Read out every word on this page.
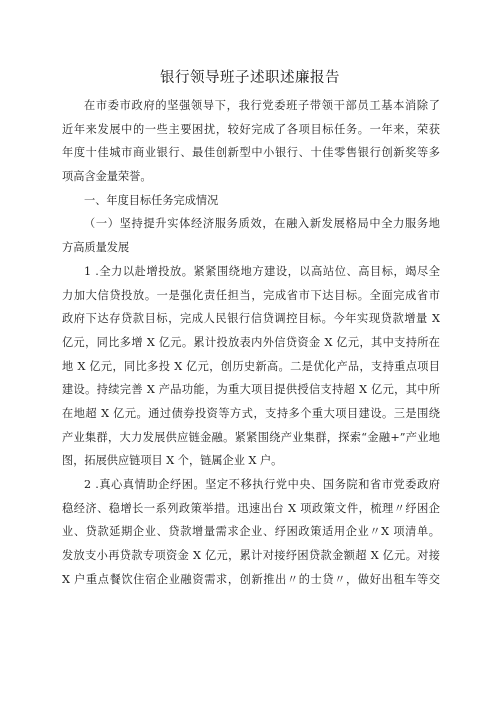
银行领导班子述职述廉报告
在市委市政府的坚强领导下，我行党委班子带领干部员工基本消除了
近年来发展中的一些主要困扰，较好完成了各项目标任务。一年来，荣获
年度十佳城市商业银行、最佳创新型中小银行、十佳零售银行创新奖等多
项高含金量荣誉。
一、年度目标任务完成情况
（一）坚持提升实体经济服务质效，在融入新发展格局中全力服务地
方高质量发展
1 .全力以赴增投放。紧紧围绕地方建设，以高站位、高目标，竭尽全
力加大信贷投放。一是强化责任担当，完成省市下达目标。全面完成省市
政府下达存贷款目标，完成人民银行信贷调控目标。今年实现贷款增量 X
亿元，同比多增 X 亿元。累计投放表内外信贷资金 X 亿元，其中支持所在
地 X 亿元，同比多投 X 亿元，创历史新高。二是优化产品，支持重点项目
建设。持续完善 X 产品功能，为重大项目提供授信支持超 X 亿元，其中所
在地超 X 亿元。通过债券投资等方式，支持多个重大项目建设。三是围绕
产业集群，大力发展供应链金融。紧紧围绕产业集群，探索“金融+”产业地
图，拓展供应链项目 X 个，链属企业 X 户。
2 .真心真情助企纾困。坚定不移执行党中央、国务院和省市党委政府
稳经济、稳增长一系列政策举措。迅速出台 X 项政策文件，梳理〃纾困企
业、贷款延期企业、贷款增量需求企业、纾困政策适用企业〃X 项清单。
发放支小再贷款专项资金 X 亿元，累计对接纾困贷款金额超 X 亿元。对接
X 户重点餐饮住宿企业融资需求，创新推出〃的士贷〃，做好出租车等交
